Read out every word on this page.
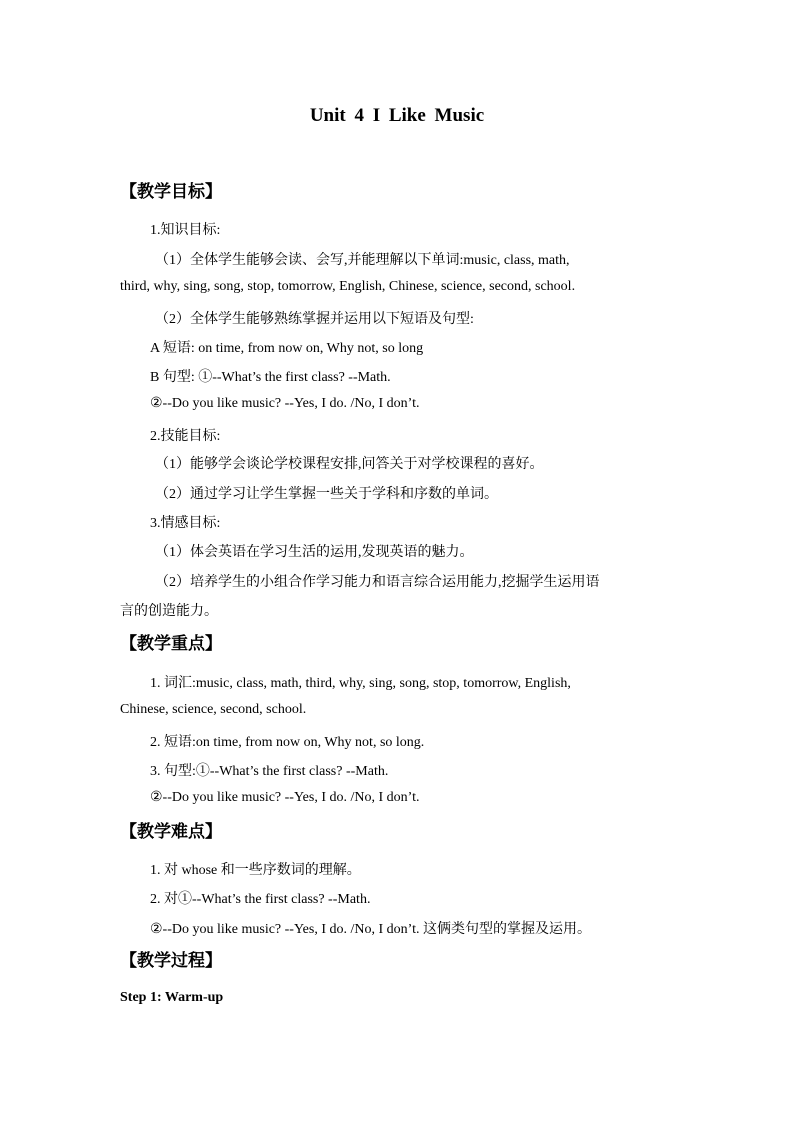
Unit 4 I Like Music
【教学目标】
1.知识目标:
（1）全体学生能够会读、会写,并能理解以下单词:music, class, math,
third, why, sing, song, stop, tomorrow, English, Chinese, science, second, school.
（2）全体学生能够熟练掌握并运用以下短语及句型:
A 短语: on time, from now on, Why not, so long
B 句型: ①--What’s the first class? --Math.
②--Do you like music? --Yes, I do. /No, I don’t.
2.技能目标:
（1）能够学会谈论学校课程安排,问答关于对学校课程的喜好。
（2）通过学习让学生掌握一些关于学科和序数的单词。
3.情感目标:
（1）体会英语在学习生活的运用,发现英语的魅力。
（2）培养学生的小组合作学习能力和语言综合运用能力,挖掘学生运用语
言的创造能力。
【教学重点】
1. 词汇:music, class, math, third, why, sing, song, stop, tomorrow, English,
Chinese, science, second, school.
2. 短语:on time, from now on, Why not, so long.
3. 句型:①--What’s the first class? --Math.
②--Do you like music? --Yes, I do. /No, I don’t.
【教学难点】
1. 对 whose 和一些序数词的理解。
2. 对①--What’s the first class? --Math.
②--Do you like music? --Yes, I do. /No, I don’t. 这俩类句型的掌握及运用。
【教学过程】
Step 1: Warm-up
